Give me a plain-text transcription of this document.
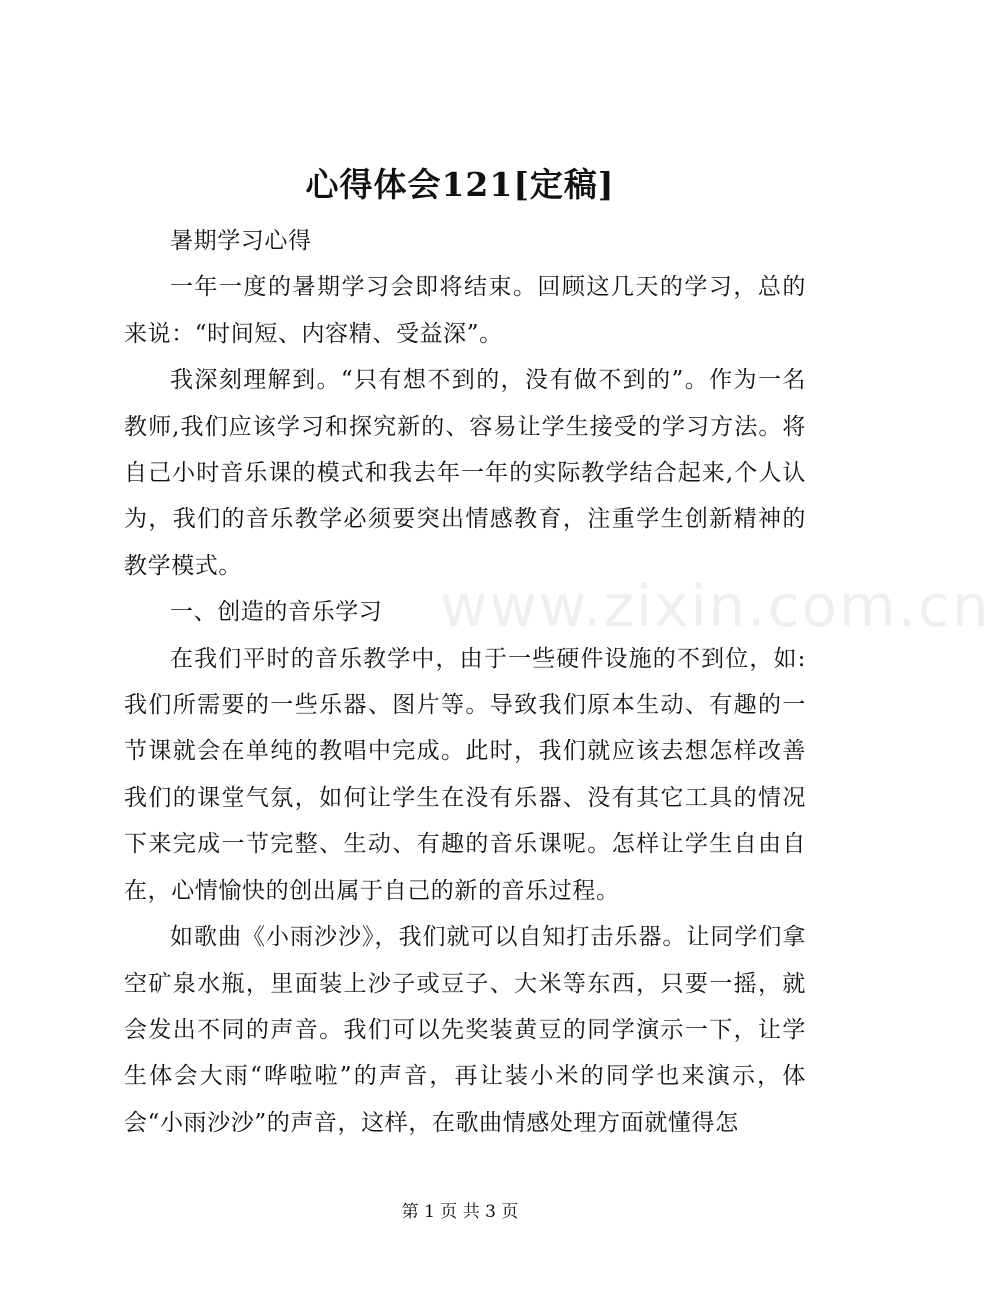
心得体会121[定稿]

暑期学习心得

一年一度的暑期学习会即将结束。回顾这几天的学习，总的来说：“时间短、内容精、受益深”。

我深刻理解到。“只有想不到的，没有做不到的”。作为一名教师,我们应该学习和探究新的、容易让学生接受的学习方法。将自己小时音乐课的模式和我去年一年的实际教学结合起来,个人认为，我们的音乐教学必须要突出情感教育，注重学生创新精神的教学模式。

一、创造的音乐学习

在我们平时的音乐教学中，由于一些硬件设施的不到位，如:我们所需要的一些乐器、图片等。导致我们原本生动、有趣的一节课就会在单纯的教唱中完成。此时，我们就应该去想怎样改善我们的课堂气氛，如何让学生在没有乐器、没有其它工具的情况下来完成一节完整、生动、有趣的音乐课呢。怎样让学生自由自在，心情愉快的创出属于自己的新的音乐过程。

如歌曲《小雨沙沙》，我们就可以自知打击乐器。让同学们拿空矿泉水瓶，里面装上沙子或豆子、大米等东西，只要一摇，就会发出不同的声音。我们可以先奖装黄豆的同学演示一下，让学生体会大雨“哗啦啦”的声音，再让装小米的同学也来演示，体会“小雨沙沙”的声音，这样，在歌曲情感处理方面就懂得怎

www.zixin.com.cn
第 1 页 共 3 页
